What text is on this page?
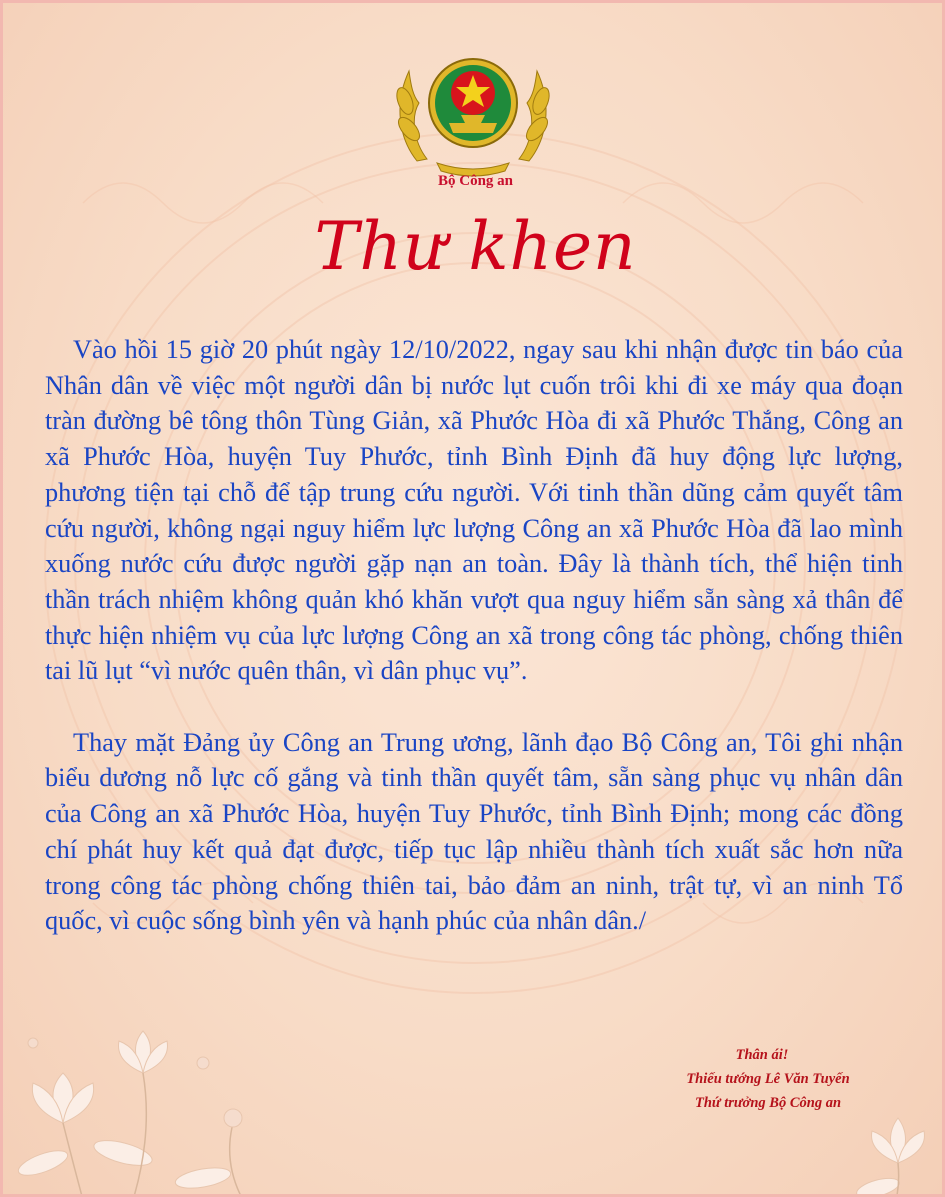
Bộ Công an
Thư khen

Vào hồi 15 giờ 20 phút ngày 12/10/2022, ngay sau khi nhận được tin báo của Nhân dân về việc một người dân bị nước lụt cuốn trôi khi đi xe máy qua đoạn tràn đường bê tông thôn Tùng Giản, xã Phước Hòa đi xã Phước Thắng, Công an xã Phước Hòa, huyện Tuy Phước, tỉnh Bình Định đã huy động lực lượng, phương tiện tại chỗ để tập trung cứu người. Với tinh thần dũng cảm quyết tâm cứu người, không ngại nguy hiểm lực lượng Công an xã Phước Hòa đã lao mình xuống nước cứu được người gặp nạn an toàn. Đây là thành tích, thể hiện tinh thần trách nhiệm không quản khó khăn vượt qua nguy hiểm sẵn sàng xả thân để thực hiện nhiệm vụ của lực lượng Công an xã trong công tác phòng, chống thiên tai lũ lụt “vì nước quên thân, vì dân phục vụ”.

Thay mặt Đảng ủy Công an Trung ương, lãnh đạo Bộ Công an, Tôi ghi nhận biểu dương nỗ lực cố gắng và tinh thần quyết tâm, sẵn sàng phục vụ nhân dân của Công an xã Phước Hòa, huyện Tuy Phước, tỉnh Bình Định; mong các đồng chí phát huy kết quả đạt được, tiếp tục lập nhiều thành tích xuất sắc hơn nữa trong công tác phòng chống thiên tai, bảo đảm an ninh, trật tự, vì an ninh Tổ quốc, vì cuộc sống bình yên và hạnh phúc của nhân dân./

Thân ái!
Thiếu tướng Lê Văn Tuyến
Thứ trưởng Bộ Công an
